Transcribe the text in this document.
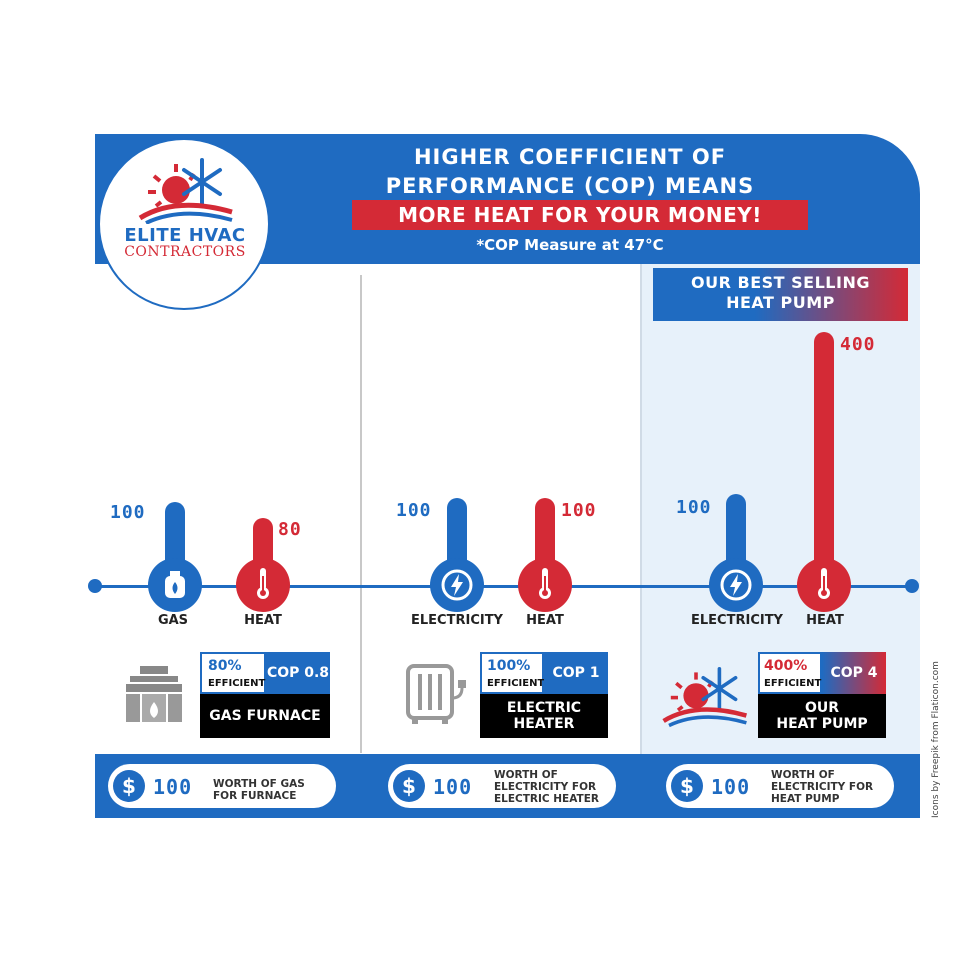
ELITE HVAC
CONTRACTORS
HIGHER COEFFICIENT OF
PERFORMANCE (COP) MEANS
MORE HEAT FOR YOUR MONEY!
*COP Measure at 47°C
OUR BEST SELLING
HEAT PUMP
100
GAS
80
HEAT
80%
EFFICIENT
COP 0.8
GAS FURNACE
100
ELECTRICITY
100
HEAT
100%
EFFICIENT
COP 1
ELECTRIC
HEATER
100
ELECTRICITY
400
HEAT
400%
EFFICIENT
COP 4
OUR
HEAT PUMP
$ 100 WORTH OF GAS
FOR FURNACE	$ 100 WORTH OF
ELECTRICITY FOR
ELECTRIC HEATER
$ 100 WORTH OF
ELECTRICITY FOR
HEAT PUMP	Icons by Freepik from Flaticon.com
